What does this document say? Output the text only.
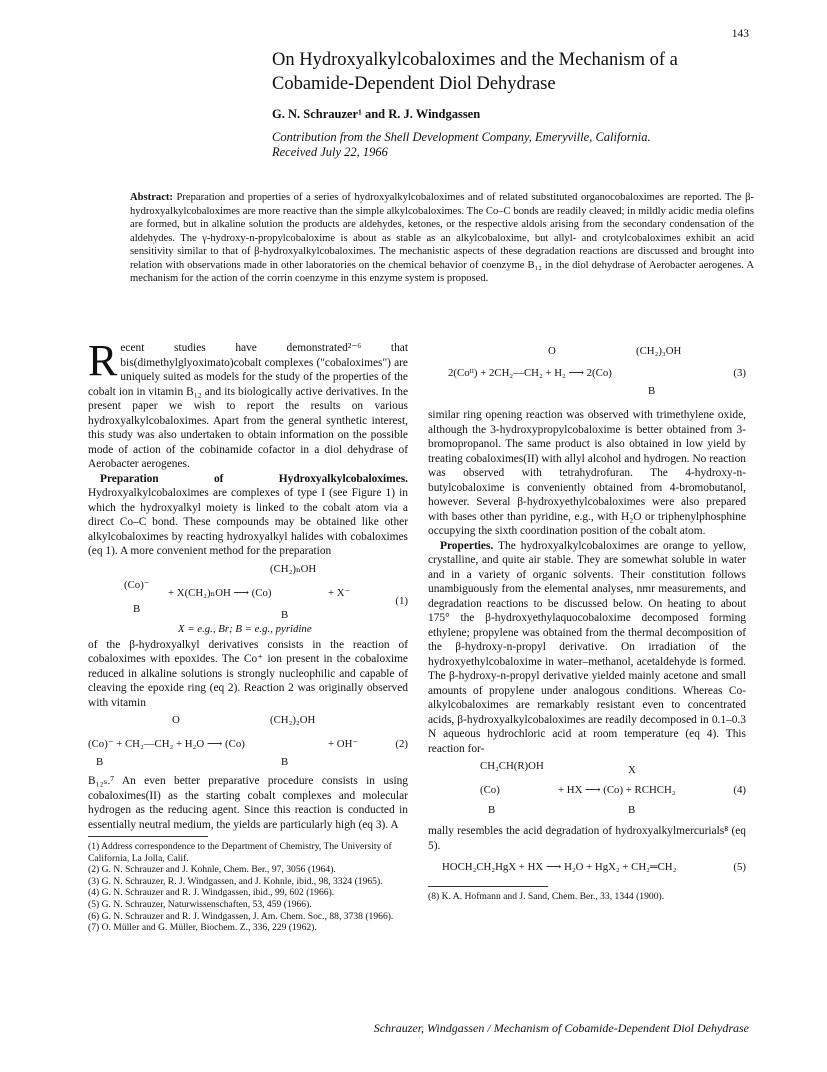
143
On Hydroxyalkylcobaloximes and the Mechanism of a Cobamide-Dependent Diol Dehydrase
G. N. Schrauzer¹ and R. J. Windgassen
Contribution from the Shell Development Company, Emeryville, California.
Received July 22, 1966
Abstract: Preparation and properties of a series of hydroxyalkylcobaloximes and of related substituted organocobaloximes are reported. The β-hydroxyalkylcobaloximes are more reactive than the simple alkylcobaloximes. The Co–C bonds are readily cleaved; in mildly acidic media olefins are formed, but in alkaline solution the products are aldehydes, ketones, or the respective aldols arising from the secondary condensation of the aldehydes. The γ-hydroxy-n-propylcobaloxime is about as stable as an alkylcobaloxime, but allyl- and crotylcobaloximes exhibit an acid sensitivity similar to that of β-hydroxyalkylcobaloximes. The mechanistic aspects of these degradation reactions are discussed and brought into relation with observations made in other laboratories on the chemical behavior of coenzyme B₁₂ in the diol dehydrase of Aerobacter aerogenes. A mechanism for the action of the corrin coenzyme in this enzyme system is proposed.

Recent studies have demonstrated²⁻⁶ that bis(dimethylglyoximato)cobalt complexes ("cobaloximes") are uniquely suited as models for the study of the properties of the cobalt ion in vitamin B₁₂ and its biologically active derivatives. In the present paper we wish to report the results on various hydroxyalkylcobaloximes. Apart from the general synthetic interest, this study was also undertaken to obtain information on the possible mode of action of the cobinamide cofactor in a diol dehydrase of Aerobacter aerogenes.

Preparation of Hydroxyalkylcobaloximes. Hydroxyalkylcobaloximes are complexes of type I (see Figure 1) in which the hydroxyalkyl moiety is linked to the cobalt atom via a direct Co–C bond. These compounds may be obtained like other alkylcobaloximes by reacting hydroxyalkyl halides with cobaloximes (eq 1). A more convenient method for the preparation

(CH₂)ₙOH
(Co)⁻
+ X(CH₂)ₙOH ⟶ (Co)	+ X⁻
B	B
(1)
X = e.g., Br; B = e.g., pyridine

of the β-hydroxyalkyl derivatives consists in the reaction of cobaloximes with epoxides. The Co⁺ ion present in the cobaloxime reduced in alkaline solutions is strongly nucleophilic and capable of cleaving the epoxide ring (eq 2). Reaction 2 was originally observed with vitamin

O	(CH₂)₂OH
(Co)⁻ + CH₂—CH₂ + H₂O ⟶ (Co)	+ OH⁻
B	B
(2)

B₁₂ₛ.⁷ An even better preparative procedure consists in using cobaloximes(II) as the starting cobalt complexes and molecular hydrogen as the reducing agent. Since this reaction is conducted in essentially neutral medium, the yields are particularly high (eq 3). A

(1) Address correspondence to the Department of Chemistry, The University of California, La Jolla, Calif.
(2) G. N. Schrauzer and J. Kohnle, Chem. Ber., 97, 3056 (1964).
(3) G. N. Schrauzer, R. J. Windgassen, and J. Kohnle, ibid., 98, 3324 (1965).
(4) G. N. Schrauzer and R. J. Windgassen, ibid., 99, 602 (1966).
(5) G. N. Schrauzer, Naturwissenschaften, 53, 459 (1966).
(6) G. N. Schrauzer and R. J. Windgassen, J. Am. Chem. Soc., 88, 3738 (1966).
(7) O. Müller and G. Müller, Biochem. Z., 336, 229 (1962).
O	(CH₂)₃OH
2(Coᴵᴵ) + 2CH₂—CH₂ + H₂ ⟶ 2(Co)
B
(3)

similar ring opening reaction was observed with trimethylene oxide, although the 3-hydroxypropylcobaloxime is better obtained from 3-bromopropanol. The same product is also obtained in low yield by treating cobaloximes(II) with allyl alcohol and hydrogen. No reaction was observed with tetrahydrofuran. The 4-hydroxy-n-butylcobaloxime is conveniently obtained from 4-bromobutanol, however. Several β-hydroxyethylcobaloximes were also prepared with bases other than pyridine, e.g., with H₂O or triphenylphosphine occupying the sixth coordination position of the cobalt atom.

Properties. The hydroxyalkylcobaloximes are orange to yellow, crystalline, and quite air stable. They are somewhat soluble in water and in a variety of organic solvents. Their constitution follows unambiguously from the elemental analyses, nmr measurements, and degradation reactions to be discussed below. On heating to about 175° the β-hydroxyethylaquocobaloxime decomposed forming ethylene; propylene was obtained from the thermal decomposition of the β-hydroxy-n-propyl derivative. On irradiation of the hydroxyethylcobaloxime in water–methanol, acetaldehyde is formed. The β-hydroxy-n-propyl derivative yielded mainly acetone and small amounts of propylene under analogous conditions. Whereas Co-alkylcobaloximes are remarkably resistant even to concentrated acids, β-hydroxyalkylcobaloximes are readily decomposed in 0.1–0.3 N aqueous hydrochloric acid at room temperature (eq 4). This reaction for-

CH₂CH(R)OH	X
(Co)	+ HX ⟶ (Co) + RCHCH₂
B	B
(4)

mally resembles the acid degradation of hydroxyalkylmercurials⁸ (eq 5).

HOCH₂CH₂HgX + HX ⟶ H₂O + HgX₂ + CH₂═CH₂	(5)
(8) K. A. Hofmann and J. Sand, Chem. Ber., 33, 1344 (1900).
Schrauzer, Windgassen / Mechanism of Cobamide-Dependent Diol Dehydrase
